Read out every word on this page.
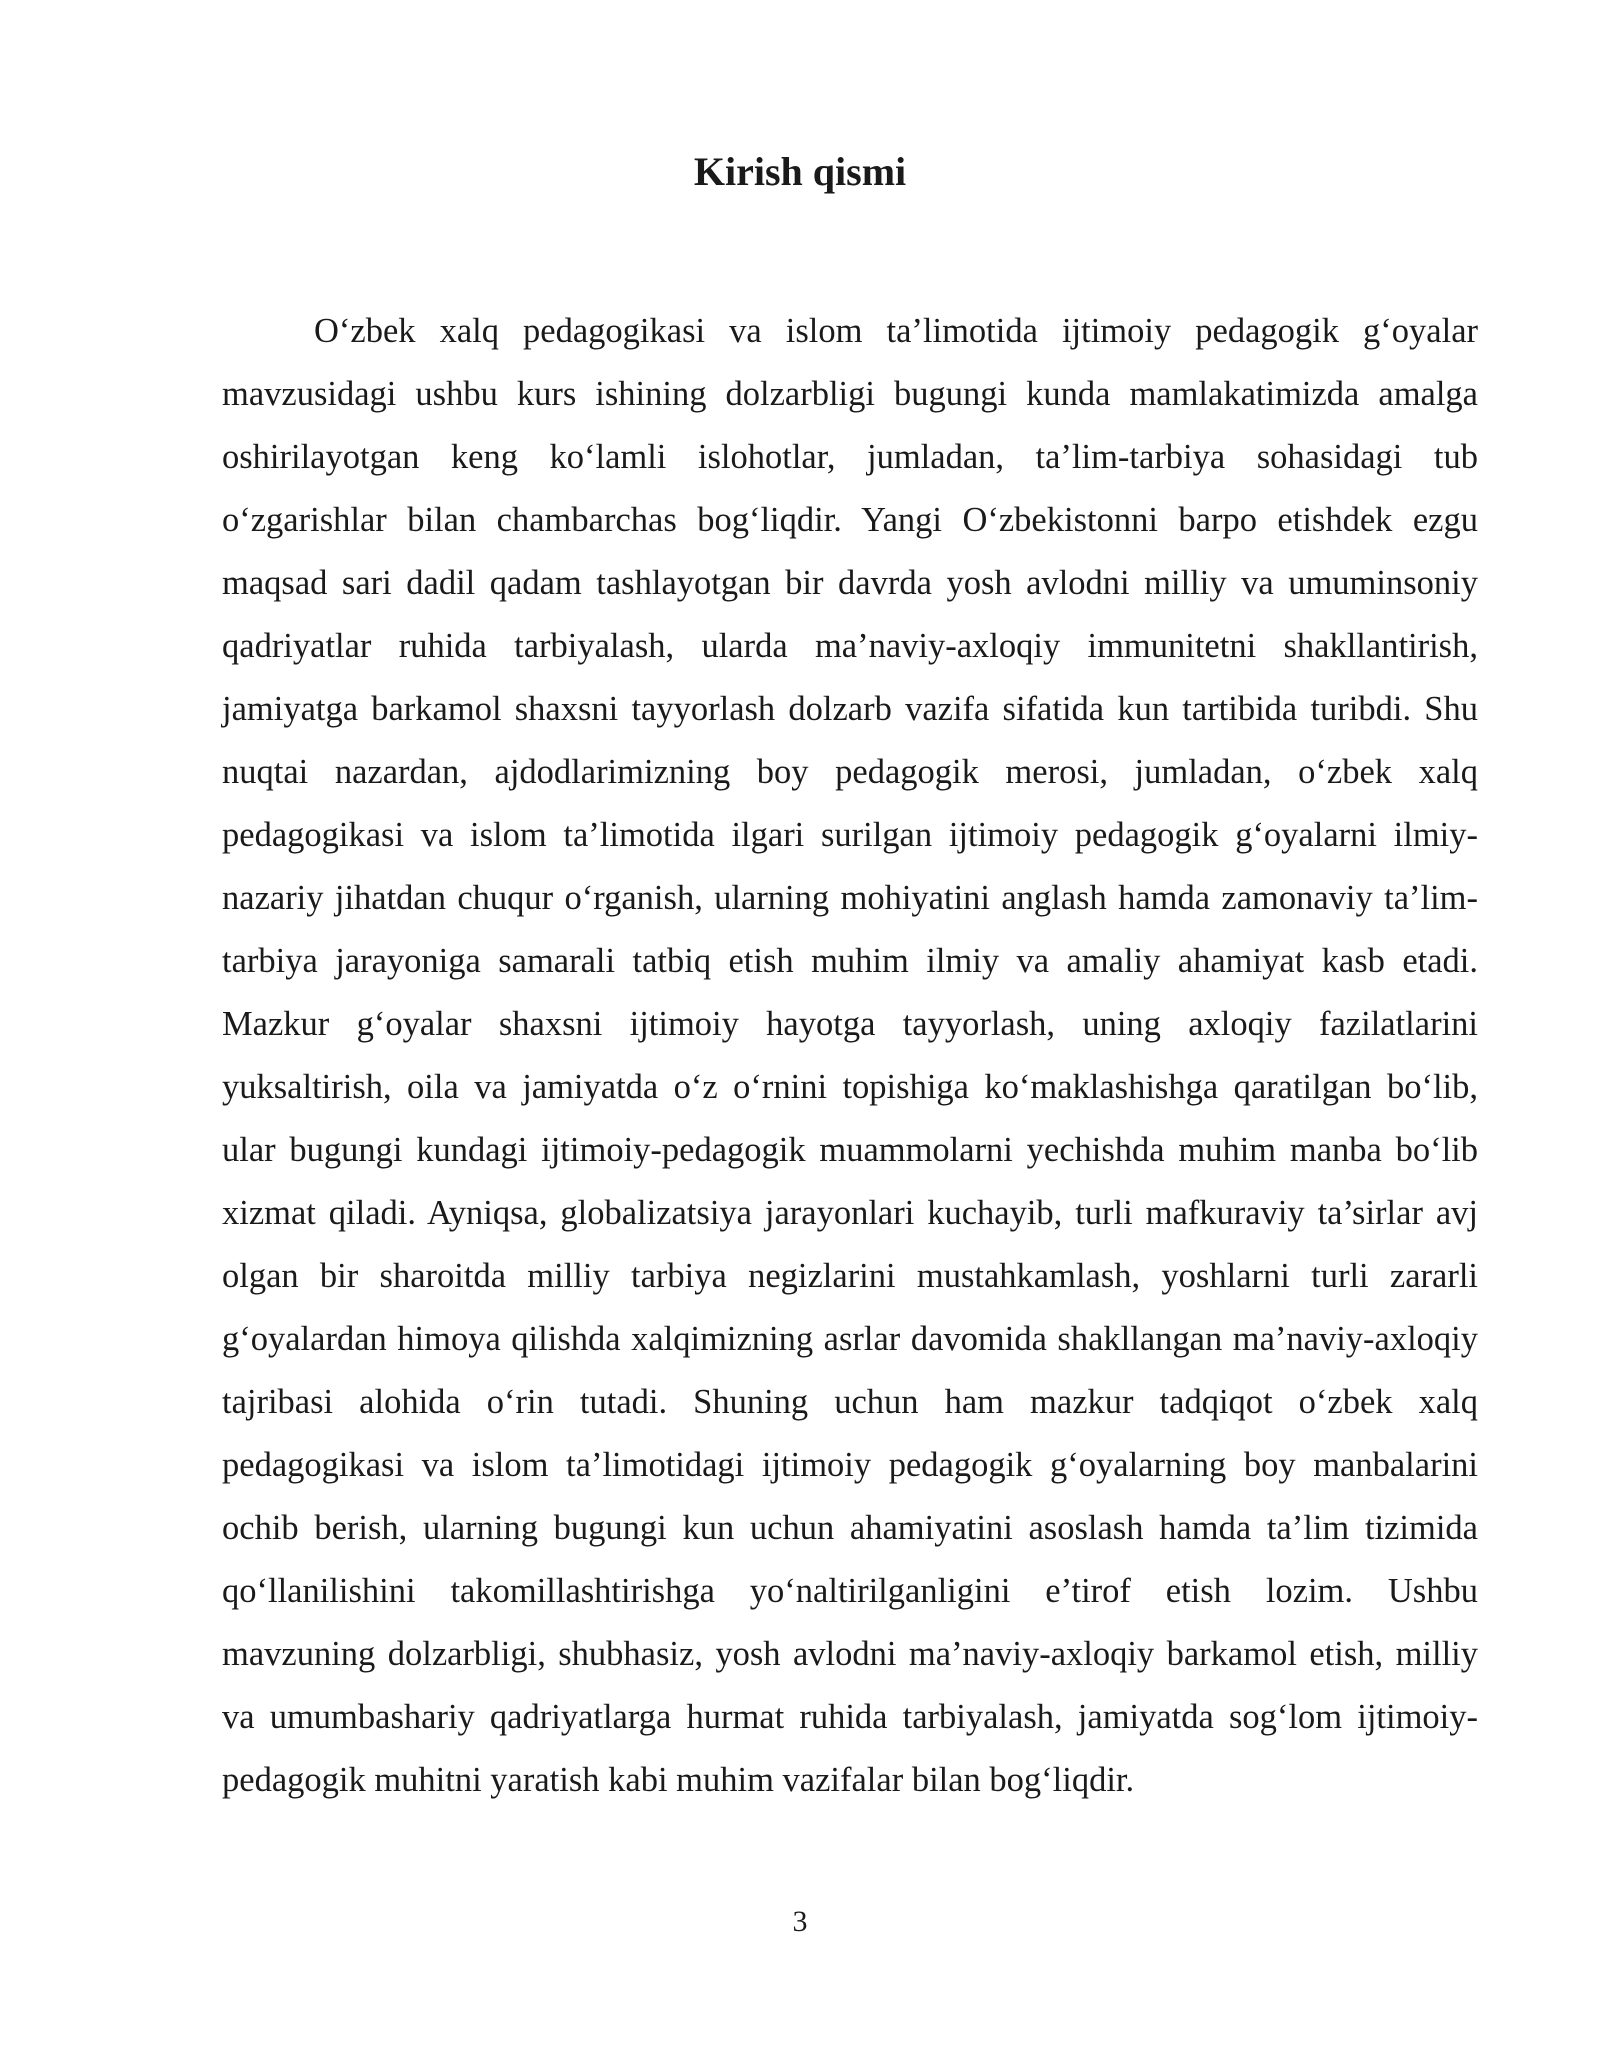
Kirish qismi

O‘zbek xalq pedagogikasi va islom ta’limotida ijtimoiy pedagogik g‘oyalar mavzusidagi ushbu kurs ishining dolzarbligi bugungi kunda mamlakatimizda amalga oshirilayotgan keng ko‘lamli islohotlar, jumladan, ta’lim-tarbiya sohasidagi tub o‘zgarishlar bilan chambarchas bog‘liqdir. Yangi O‘zbekistonni barpo etishdek ezgu maqsad sari dadil qadam tashlayotgan bir davrda yosh avlodni milliy va umuminsoniy qadriyatlar ruhida tarbiyalash, ularda ma’naviy-axloqiy immunitetni shakllantirish, jamiyatga barkamol shaxsni tayyorlash dolzarb vazifa sifatida kun tartibida turibdi. Shu nuqtai nazardan, ajdodlarimizning boy pedagogik merosi, jumladan, o‘zbek xalq pedagogikasi va islom ta’limotida ilgari surilgan ijtimoiy pedagogik g‘oyalarni ilmiy-nazariy jihatdan chuqur o‘rganish, ularning mohiyatini anglash hamda zamonaviy ta’lim-tarbiya jarayoniga samarali tatbiq etish muhim ilmiy va amaliy ahamiyat kasb etadi. Mazkur g‘oyalar shaxsni ijtimoiy hayotga tayyorlash, uning axloqiy fazilatlarini yuksaltirish, oila va jamiyatda o‘z o‘rnini topishiga ko‘maklashishga qaratilgan bo‘lib, ular bugungi kundagi ijtimoiy-pedagogik muammolarni yechishda muhim manba bo‘lib xizmat qiladi. Ayniqsa, globalizatsiya jarayonlari kuchayib, turli mafkuraviy ta’sirlar avj olgan bir sharoitda milliy tarbiya negizlarini mustahkamlash, yoshlarni turli zararli g‘oyalardan himoya qilishda xalqimizning asrlar davomida shakllangan ma’naviy-axloqiy tajribasi alohida o‘rin tutadi. Shuning uchun ham mazkur tadqiqot o‘zbek xalq pedagogikasi va islom ta’limotidagi ijtimoiy pedagogik g‘oyalarning boy manbalarini ochib berish, ularning bugungi kun uchun ahamiyatini asoslash hamda ta’lim tizimida qo‘llanilishini takomillashtirishga yo‘naltirilganligini e’tirof etish lozim. Ushbu mavzuning dolzarbligi, shubhasiz, yosh avlodni ma’naviy-axloqiy barkamol etish, milliy va umumbashariy qadriyatlarga hurmat ruhida tarbiyalash, jamiyatda sog‘lom ijtimoiy-pedagogik muhitni yaratish kabi muhim vazifalar bilan bog‘liqdir.

3
